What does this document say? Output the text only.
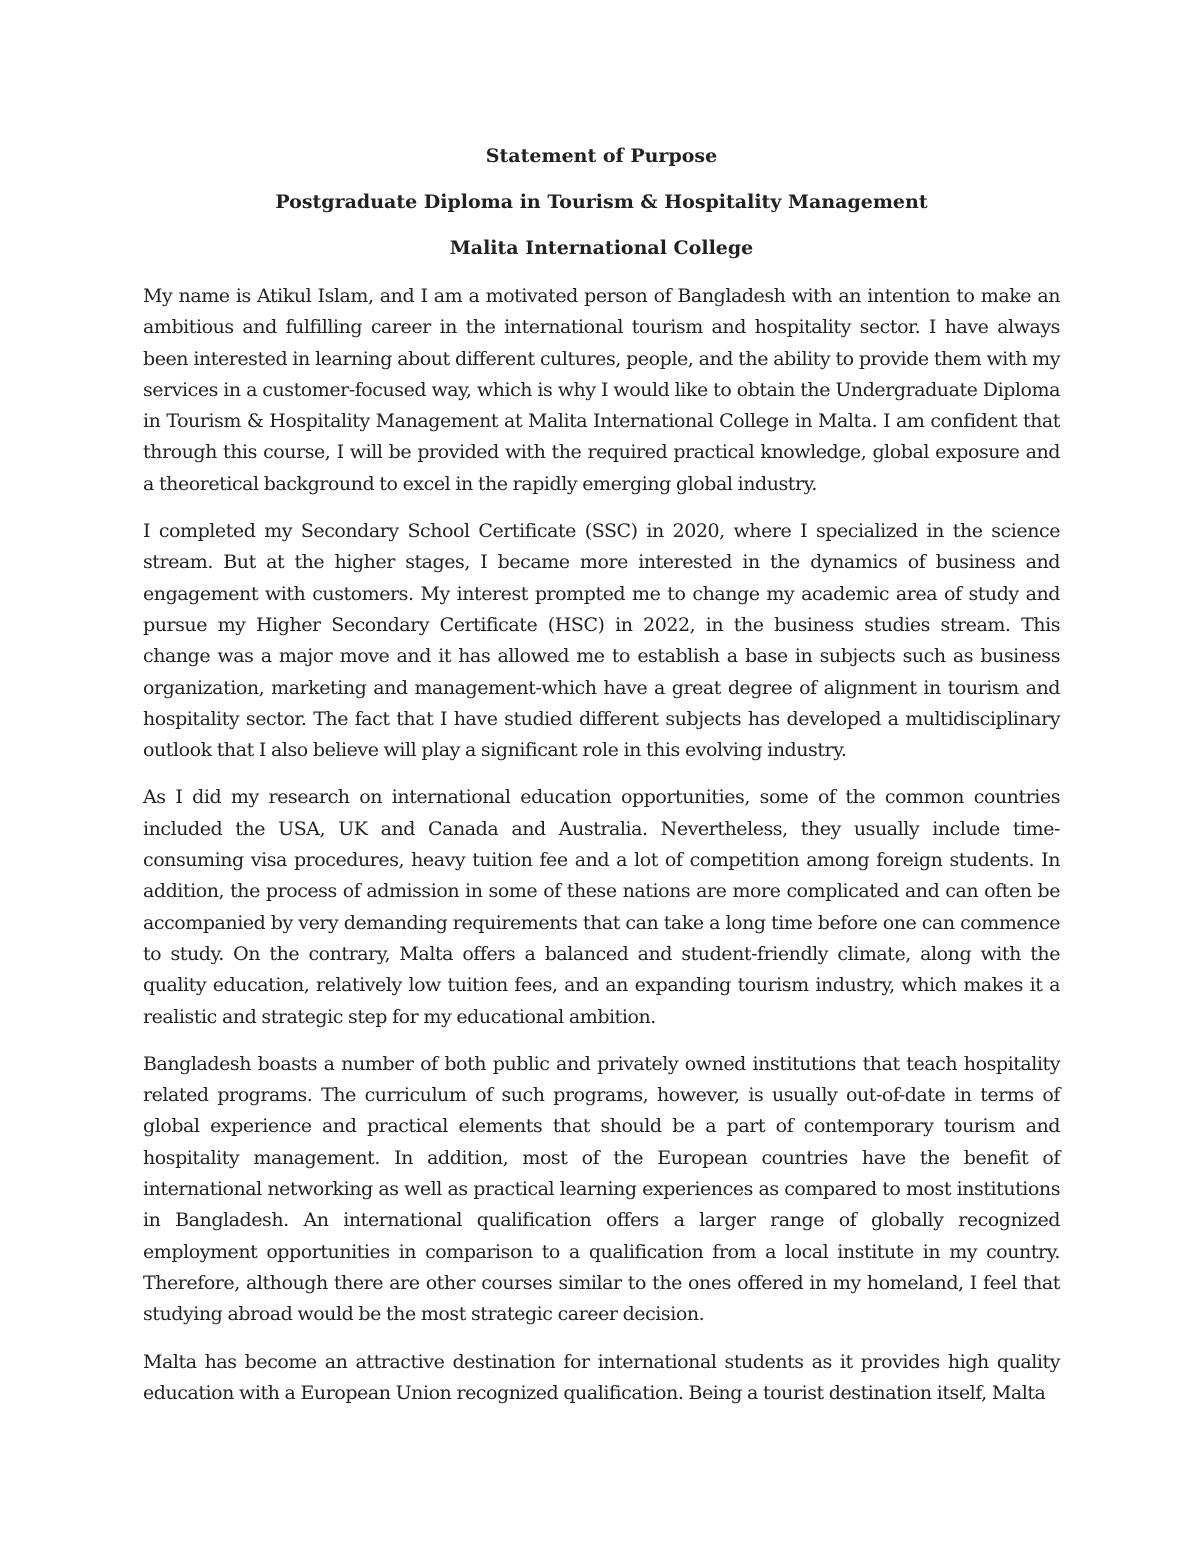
Statement of Purpose
Postgraduate Diploma in Tourism & Hospitality Management
Malita International College

My name is Atikul Islam, and I am a motivated person of Bangladesh with an intention to make an ambitious and fulfilling career in the international tourism and hospitality sector. I have always been interested in learning about different cultures, people, and the ability to provide them with my services in a customer-focused way, which is why I would like to obtain the Undergraduate Diploma in Tourism & Hospitality Management at Malita International College in Malta. I am confident that through this course, I will be provided with the required practical knowledge, global exposure and a theoretical background to excel in the rapidly emerging global industry.

I completed my Secondary School Certificate (SSC) in 2020, where I specialized in the science stream. But at the higher stages, I became more interested in the dynamics of business and engagement with customers. My interest prompted me to change my academic area of study and pursue my Higher Secondary Certificate (HSC) in 2022, in the business studies stream. This change was a major move and it has allowed me to establish a base in subjects such as business organization, marketing and management-which have a great degree of alignment in tourism and hospitality sector. The fact that I have studied different subjects has developed a multidisciplinary outlook that I also believe will play a significant role in this evolving industry.

As I did my research on international education opportunities, some of the common countries included the USA, UK and Canada and Australia. Nevertheless, they usually include time-consuming visa procedures, heavy tuition fee and a lot of competition among foreign students. In addition, the process of admission in some of these nations are more complicated and can often be accompanied by very demanding requirements that can take a long time before one can commence to study. On the contrary, Malta offers a balanced and student-friendly climate, along with the quality education, relatively low tuition fees, and an expanding tourism industry, which makes it a realistic and strategic step for my educational ambition.

Bangladesh boasts a number of both public and privately owned institutions that teach hospitality related programs. The curriculum of such programs, however, is usually out-of-date in terms of global experience and practical elements that should be a part of contemporary tourism and hospitality management. In addition, most of the European countries have the benefit of international networking as well as practical learning experiences as compared to most institutions in Bangladesh. An international qualification offers a larger range of globally recognized employment opportunities in comparison to a qualification from a local institute in my country. Therefore, although there are other courses similar to the ones offered in my homeland, I feel that studying abroad would be the most strategic career decision.

Malta has become an attractive destination for international students as it provides high quality education with a European Union recognized qualification. Being a tourist destination itself, Malta
